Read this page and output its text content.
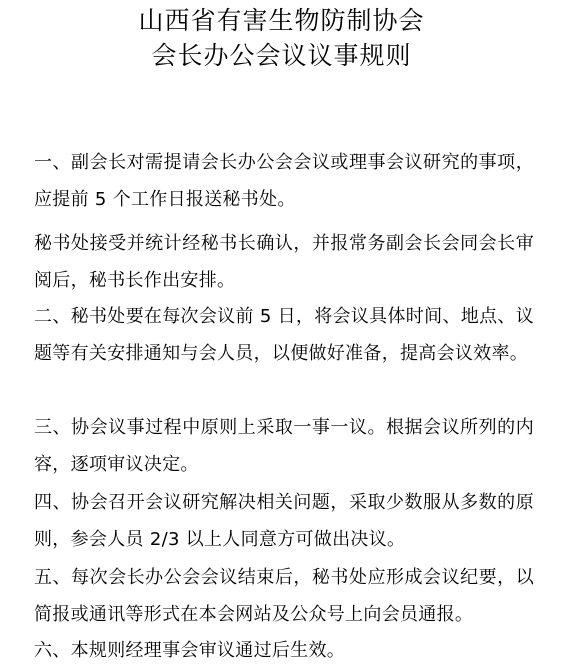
山西省有害生物防制协会
会长办公会议议事规则

一、副会长对需提请会长办公会会议或理事会议研究的事项，应提前 5 个工作日报送秘书处。

秘书处接受并统计经秘书长确认，并报常务副会长会同会长审阅后，秘书长作出安排。

二、秘书处要在每次会议前 5 日，将会议具体时间、地点、议题等有关安排通知与会人员，以便做好准备，提高会议效率。

三、协会议事过程中原则上采取一事一议。根据会议所列的内容，逐项审议决定。

四、协会召开会议研究解决相关问题，采取少数服从多数的原则，参会人员 2/3 以上人同意方可做出决议。

五、每次会长办公会会议结束后，秘书处应形成会议纪要，以简报或通讯等形式在本会网站及公众号上向会员通报。

六、本规则经理事会审议通过后生效。
